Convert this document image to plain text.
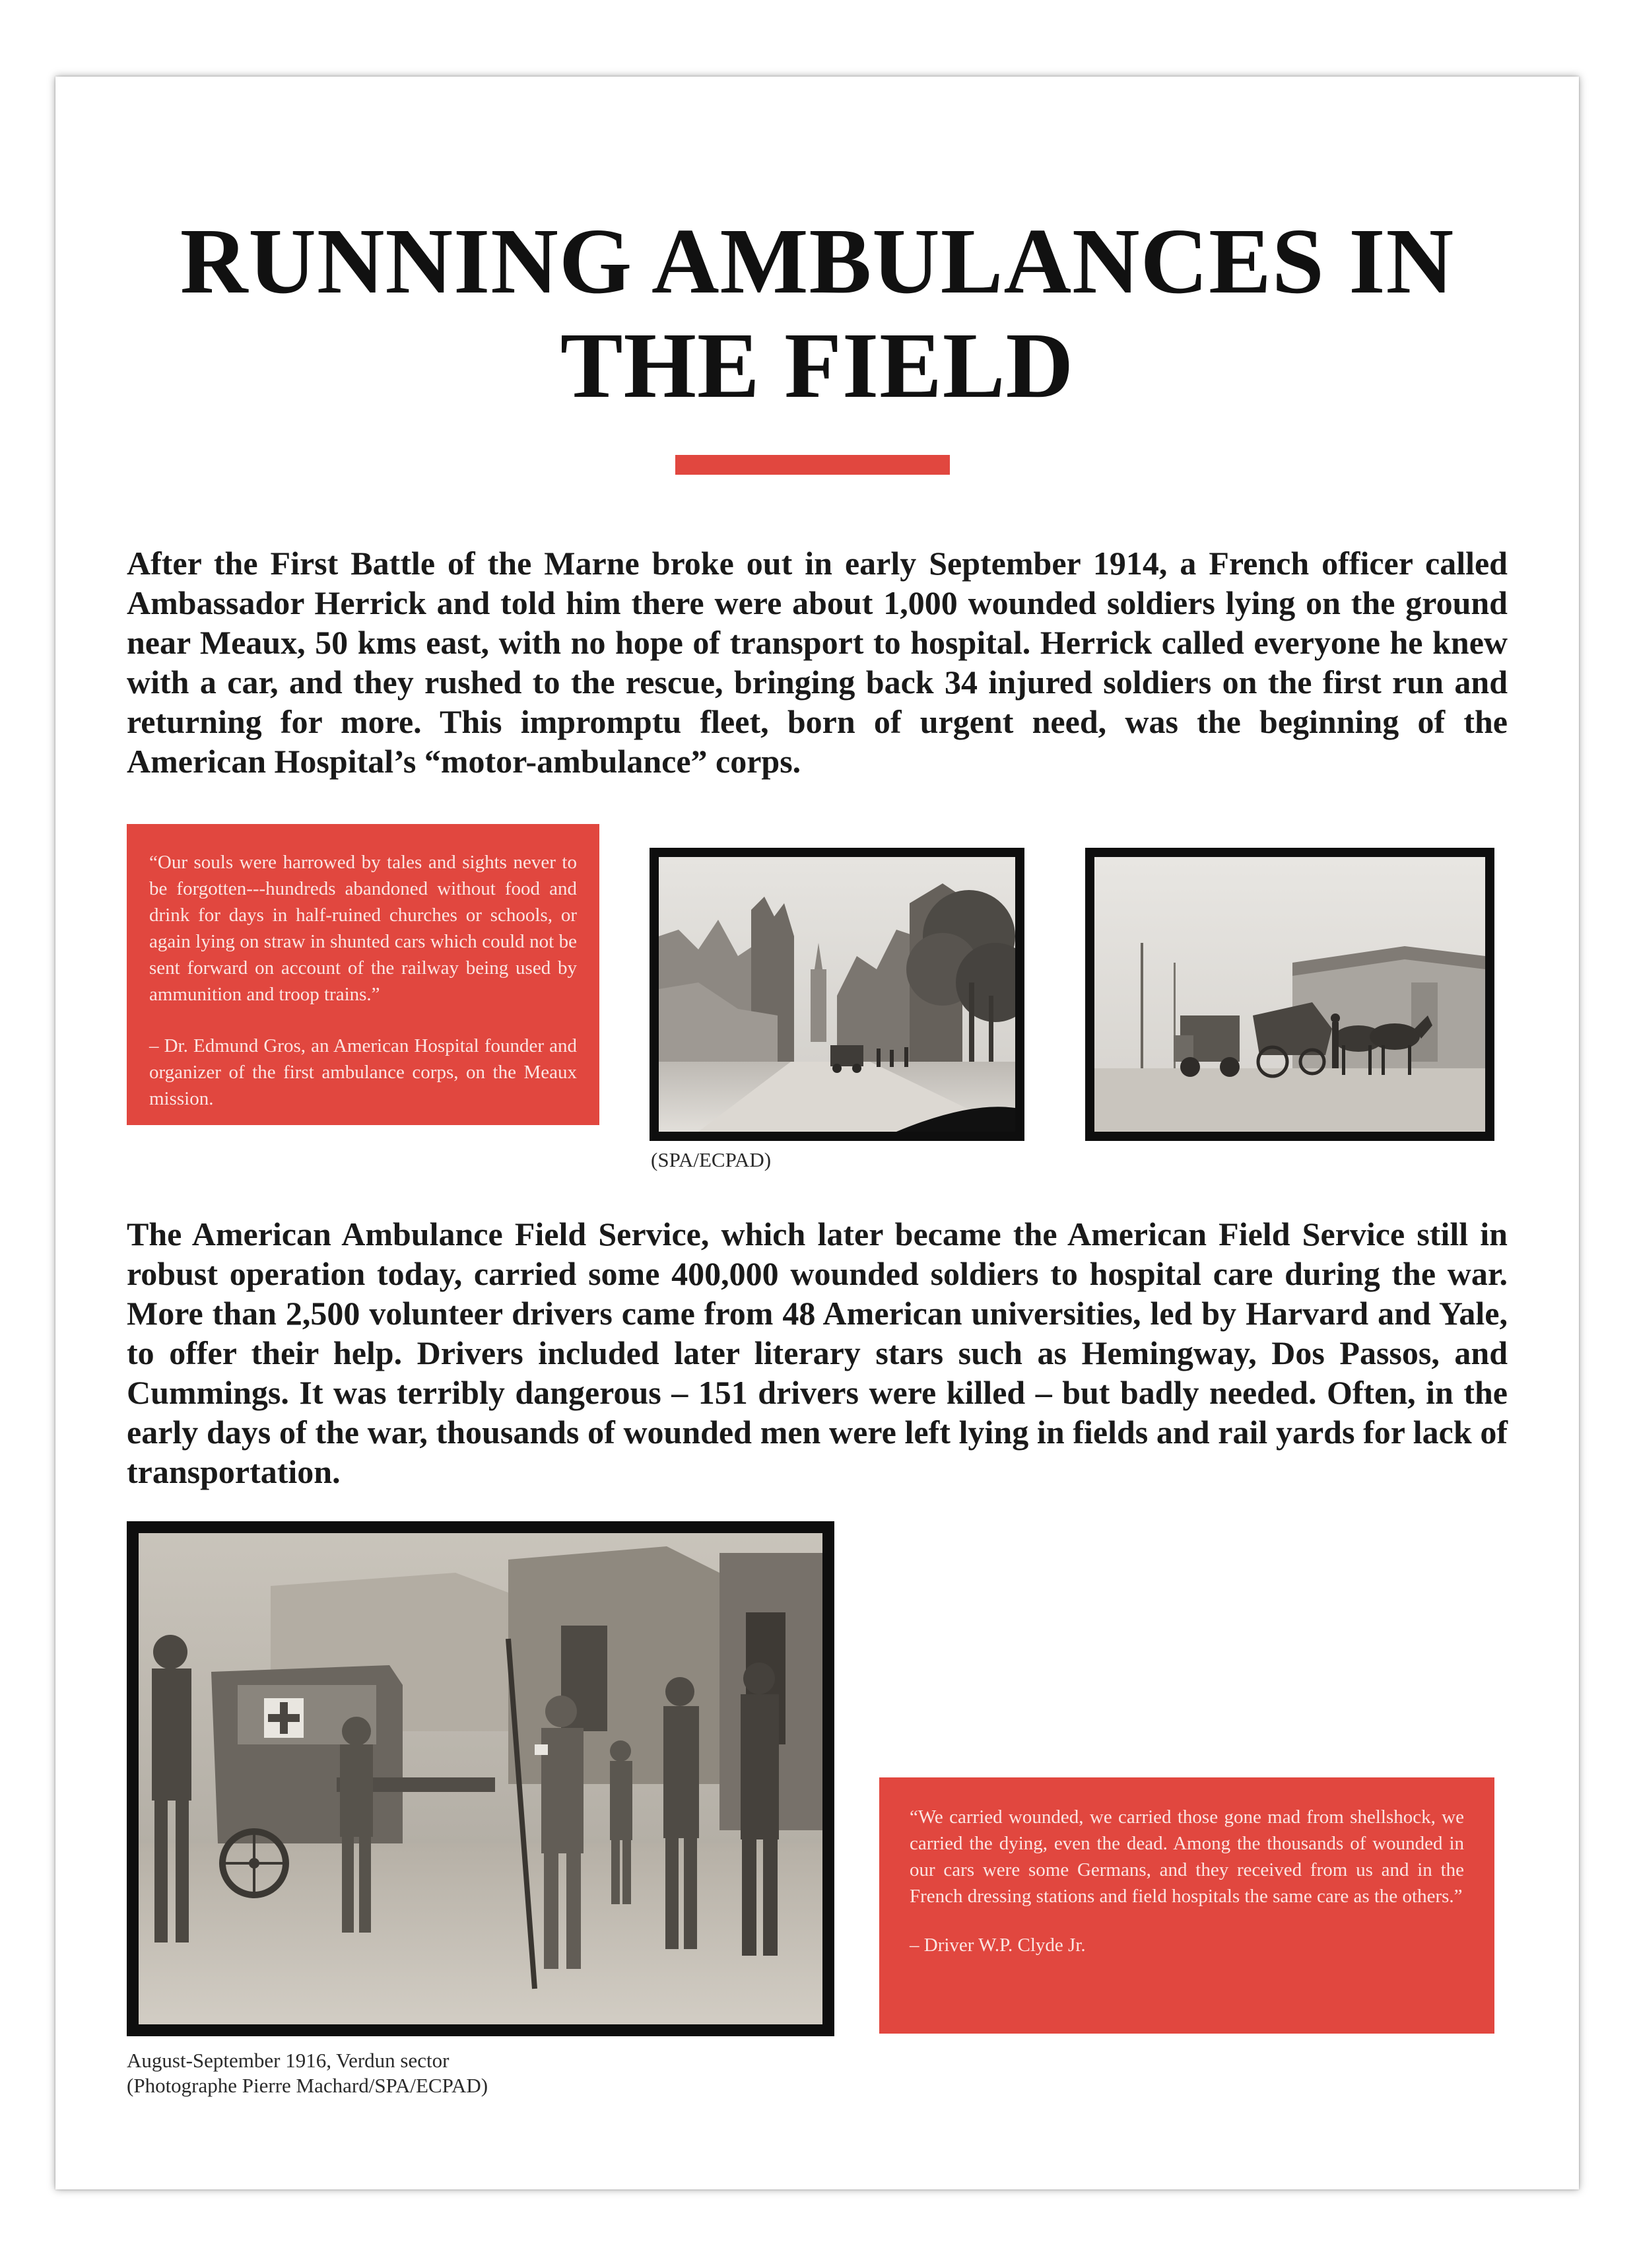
RUNNING AMBULANCES IN
THE FIELD

After the First Battle of the Marne broke out in early September 1914, a French officer called Ambassador Herrick and told him there were about 1,000 wounded soldiers lying on the ground near Meaux, 50 kms east, with no hope of transport to hospital. Herrick called everyone he knew with a car, and they rushed to the rescue, bringing back 34 injured soldiers on the first run and returning for more. This impromptu fleet, born of urgent need, was the beginning of the American Hospital’s “motor-ambulance” corps.

“Our souls were harrowed by tales and sights never to be forgotten---hundreds abandoned without food and drink for days in half-ruined churches or schools, or again lying on straw in shunted cars which could not be sent forward on account of the railway being used by ammunition and troop trains.”

– Dr. Edmund Gros, an American Hospital founder and organizer of the first ambulance corps, on the Meaux mission.

(SPA/ECPAD)

The American Ambulance Field Service, which later became the American Field Service still in robust operation today, carried some 400,000 wounded soldiers to hospital care during the war. More than 2,500 volunteer drivers came from 48 American universities, led by Harvard and Yale, to offer their help. Drivers included later literary stars such as Hemingway, Dos Passos, and Cummings. It was terribly dangerous – 151 drivers were killed – but badly needed. Often, in the early days of the war, thousands of wounded men were left lying in fields and rail yards for lack of transportation.

August-September 1916, Verdun sector
(Photographe Pierre Machard/SPA/ECPAD)

“We carried wounded, we carried those gone mad from shellshock, we carried the dying, even the dead. Among the thousands of wounded in our cars were some Germans, and they received from us and in the French dressing stations and field hospitals the same care as the others.”

– Driver W.P. Clyde Jr.
